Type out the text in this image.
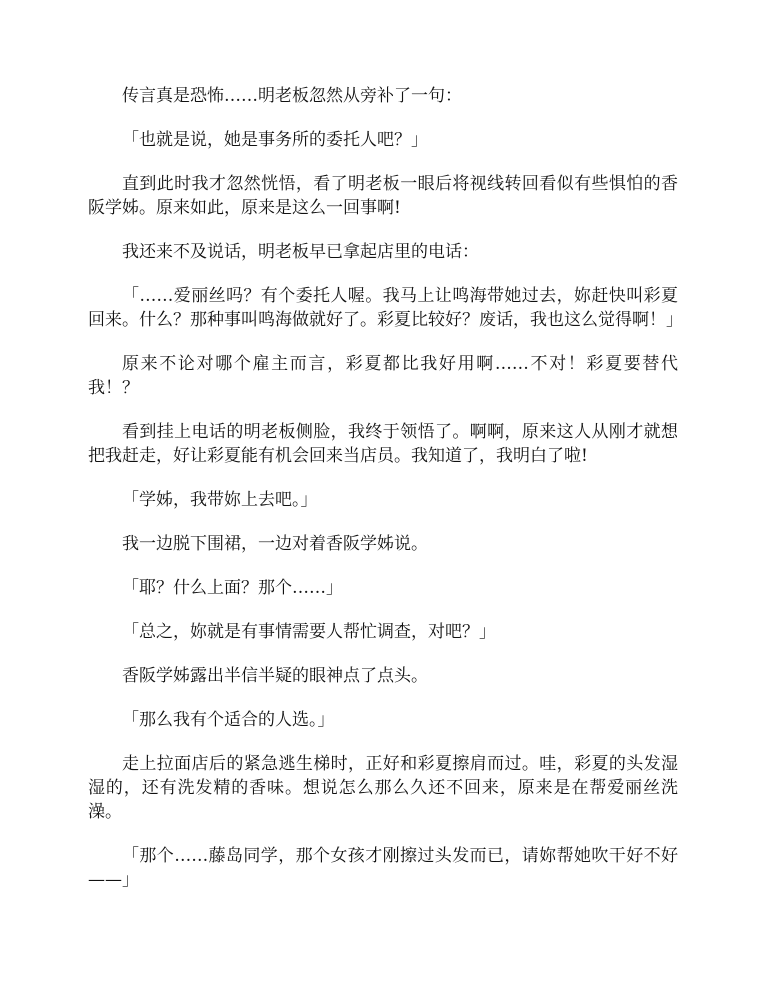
传言真是恐怖……明老板忽然从旁补了一句：

「也就是说，她是事务所的委托人吧？」

直到此时我才忽然恍悟，看了明老板一眼后将视线转回看似有些惧怕的香阪学姊。原来如此，原来是这么一回事啊!

我还来不及说话，明老板早已拿起店里的电话：

「……爱丽丝吗？有个委托人喔。我马上让鸣海带她过去，妳赶快叫彩夏回来。什么？那种事叫鸣海做就好了。彩夏比较好？废话，我也这么觉得啊！」

原来不论对哪个雇主而言，彩夏都比我好用啊……不对！彩夏要替代我！？

看到挂上电话的明老板侧脸，我终于领悟了。啊啊，原来这人从刚才就想把我赶走，好让彩夏能有机会回来当店员。我知道了，我明白了啦!

「学姊，我带妳上去吧。」

我一边脱下围裙，一边对着香阪学姊说。

「耶？什么上面？那个……」

「总之，妳就是有事情需要人帮忙调查，对吧？」

香阪学姊露出半信半疑的眼神点了点头。

「那么我有个适合的人选。」

走上拉面店后的紧急逃生梯时，正好和彩夏擦肩而过。哇，彩夏的头发湿湿的，还有洗发精的香味。想说怎么那么久还不回来，原来是在帮爱丽丝洗澡。

「那个……藤岛同学，那个女孩才刚擦过头发而已，请妳帮她吹干好不好——」
